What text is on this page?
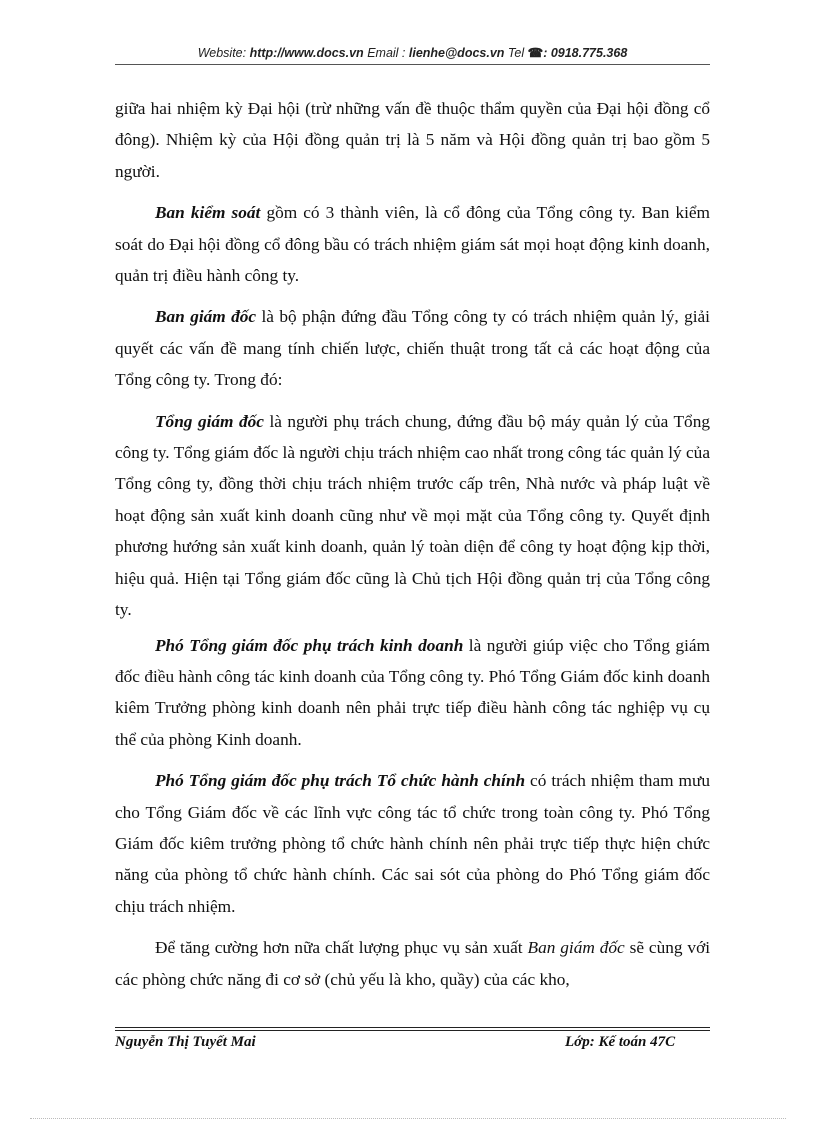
Website: http://www.docs.vn Email : lienhe@docs.vn Tel ☎: 0918.775.368

giữa hai nhiệm kỳ Đại hội (trừ những vấn đề thuộc thẩm quyền của Đại hội đồng cổ đông). Nhiệm kỳ của Hội đồng quản trị là 5 năm và Hội đồng quản trị bao gồm 5 người.

Ban kiểm soát gồm có 3 thành viên, là cổ đông của Tổng công ty. Ban kiểm soát do Đại hội đồng cổ đông bầu có trách nhiệm giám sát mọi hoạt động kinh doanh, quản trị điều hành công ty.

Ban giám đốc là bộ phận đứng đầu Tổng công ty có trách nhiệm quản lý, giải quyết các vấn đề mang tính chiến lược, chiến thuật trong tất cả các hoạt động của Tổng công ty. Trong đó:

Tổng giám đốc là người phụ trách chung, đứng đầu bộ máy quản lý của Tổng công ty. Tổng giám đốc là người chịu trách nhiệm cao nhất trong công tác quản lý của Tổng công ty, đồng thời chịu trách nhiệm trước cấp trên, Nhà nước và pháp luật về hoạt động sản xuất kinh doanh cũng như về mọi mặt của Tổng công ty. Quyết định phương hướng sản xuất kinh doanh, quản lý toàn diện để công ty hoạt động kịp thời, hiệu quả. Hiện tại Tổng giám đốc cũng là Chủ tịch Hội đồng quản trị của Tổng công ty.

Phó Tổng giám đốc phụ trách kinh doanh là người giúp việc cho Tổng giám đốc điều hành công tác kinh doanh của Tổng công ty. Phó Tổng Giám đốc kinh doanh kiêm Trưởng phòng kinh doanh nên phải trực tiếp điều hành công tác nghiệp vụ cụ thể của phòng Kinh doanh.

Phó Tổng giám đốc phụ trách Tổ chức hành chính có trách nhiệm tham mưu cho Tổng Giám đốc về các lĩnh vực công tác tổ chức trong toàn công ty. Phó Tổng Giám đốc kiêm trưởng phòng tổ chức hành chính nên phải trực tiếp thực hiện chức năng của phòng tổ chức hành chính. Các sai sót của phòng do Phó Tổng giám đốc chịu trách nhiệm.

Để tăng cường hơn nữa chất lượng phục vụ sản xuất Ban giám đốc sẽ cùng với các phòng chức năng đi cơ sở (chủ yếu là kho, quầy) của các kho,

Nguyễn Thị Tuyết Mai	Lớp: Kế toán 47C
